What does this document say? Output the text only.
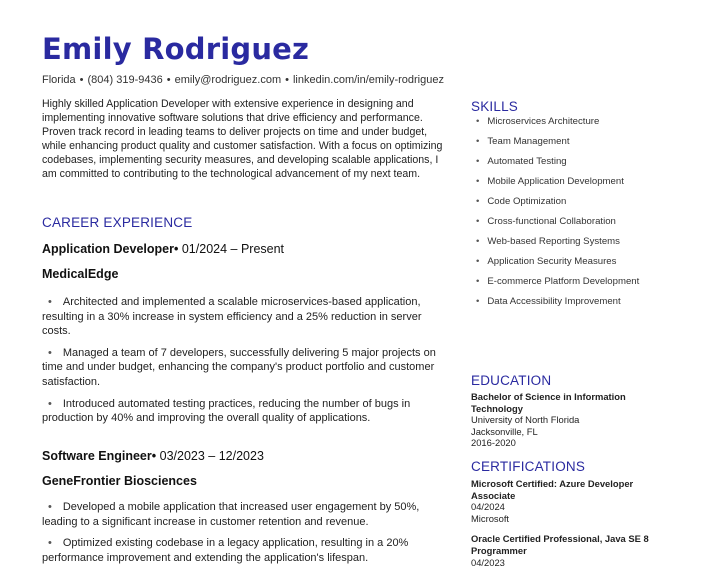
Emily Rodriguez
Florida • (804) 319-9436 • emily@rodriguez.com • linkedin.com/in/emily-rodriguez

Highly skilled Application Developer with extensive experience in designing and implementing innovative software solutions that drive efficiency and performance. Proven track record in leading teams to deliver projects on time and under budget, while enhancing product quality and customer satisfaction. With a focus on optimizing codebases, implementing security measures, and developing scalable applications, I am committed to contributing to the technological advancement of my next team.

CAREER EXPERIENCE
Application Developer• 01/2024 – Present
MedicalEdge
• Architected and implemented a scalable microservices-based application, resulting in a 30% increase in system efficiency and a 25% reduction in server costs.
• Managed a team of 7 developers, successfully delivering 5 major projects on time and under budget, enhancing the company's product portfolio and customer satisfaction.
• Introduced automated testing practices, reducing the number of bugs in production by 40% and improving the overall quality of applications.
Software Engineer• 03/2023 – 12/2023
GeneFrontier Biosciences
• Developed a mobile application that increased user engagement by 50%, leading to a significant increase in customer retention and revenue.
• Optimized existing codebase in a legacy application, resulting in a 20% performance improvement and extending the application's lifespan.
SKILLS
• Microservices Architecture
• Team Management
• Automated Testing
• Mobile Application Development
• Code Optimization
• Cross-functional Collaboration
• Web-based Reporting Systems
• Application Security Measures
• E-commerce Platform Development
• Data Accessibility Improvement
EDUCATION
Bachelor of Science in Information Technology
University of North Florida
Jacksonville, FL
2016-2020
CERTIFICATIONS
Microsoft Certified: Azure Developer Associate
04/2024
Microsoft
Oracle Certified Professional, Java SE 8 Programmer
04/2023
